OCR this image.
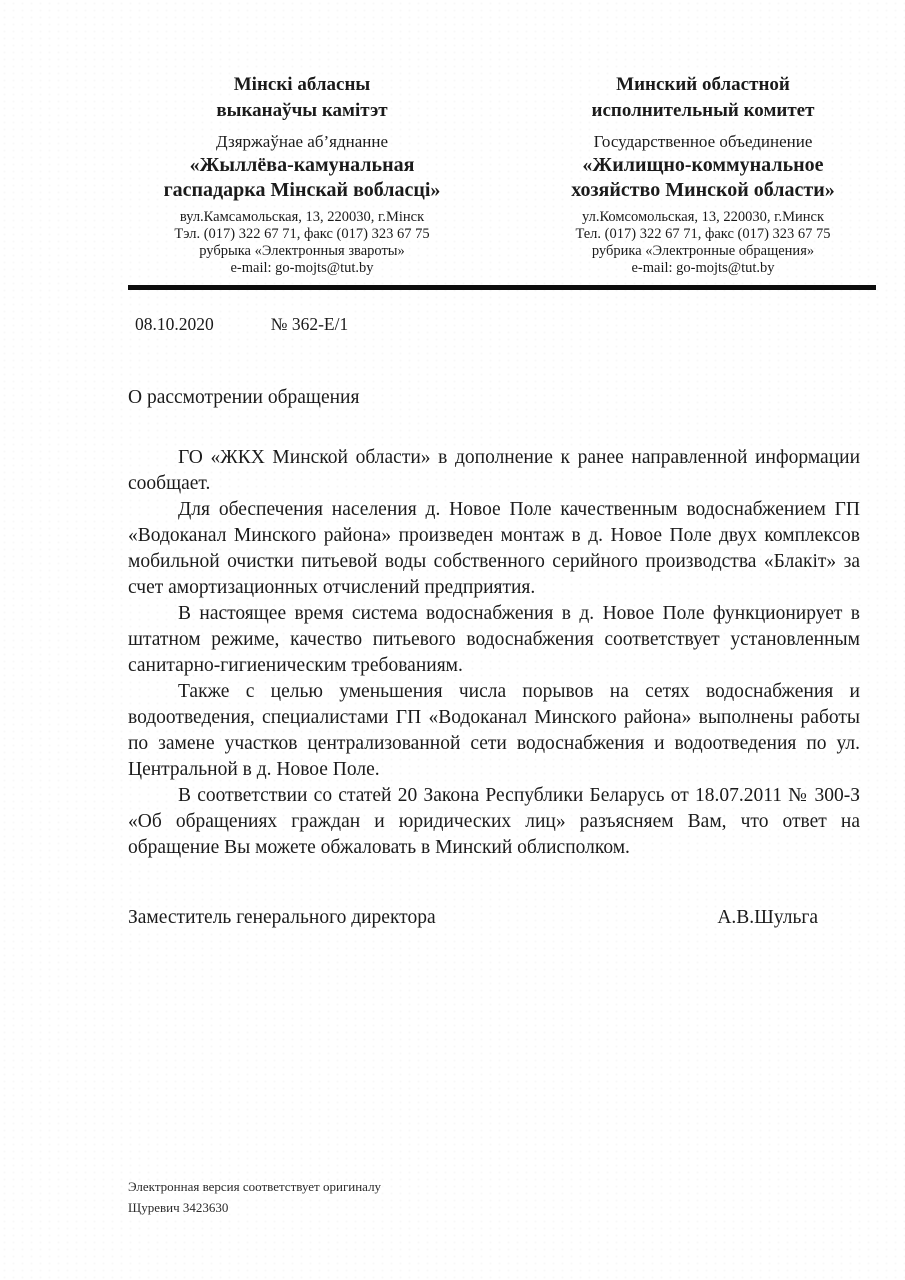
Мінскі абласны
выканаўчы камітэт
Дзяржаўнае аб’яднанне
«Жыллёва-камунальная
гаспадарка Мінскай вобласці»
вул.Камсамольская, 13, 220030, г.Мінск
Тэл. (017) 322 67 71, факс (017) 323 67 75
рубрыка «Электронныя звароты»
e-mail: go-mojts@tut.by
Минский областной
исполнительный комитет
Государственное объединение
«Жилищно-коммунальное
хозяйство Минской области»
ул.Комсомольская, 13, 220030, г.Минск
Тел. (017) 322 67 71, факс (017) 323 67 75
рубрика «Электронные обращения»
e-mail: go-mojts@tut.by
08.10.2020	№ 362-Е/1
О рассмотрении обращения

ГО «ЖКХ Минской области» в дополнение к ранее направленной информации сообщает.

Для обеспечения населения д. Новое Поле качественным водоснабжением ГП «Водоканал Минского района» произведен монтаж в д. Новое Поле двух комплексов мобильной очистки питьевой воды собственного серийного производства «Блакіт» за счет амортизационных отчислений предприятия.

В настоящее время система водоснабжения в д. Новое Поле функционирует в штатном режиме, качество питьевого водоснабжения соответствует установленным санитарно-гигиеническим требованиям.

Также с целью уменьшения числа порывов на сетях водоснабжения и водоотведения, специалистами ГП «Водоканал Минского района» выполнены работы по замене участков централизованной сети водоснабжения и водоотведения по ул. Центральной в д. Новое Поле.

В соответствии со статей 20 Закона Республики Беларусь от 18.07.2011 № 300-З «Об обращениях граждан и юридических лиц» разъясняем Вам, что ответ на обращение Вы можете обжаловать в Минский облисполком.

Заместитель генерального директора	А.В.Шульга
Электронная версия соответствует оригиналу
Щуревич 3423630
